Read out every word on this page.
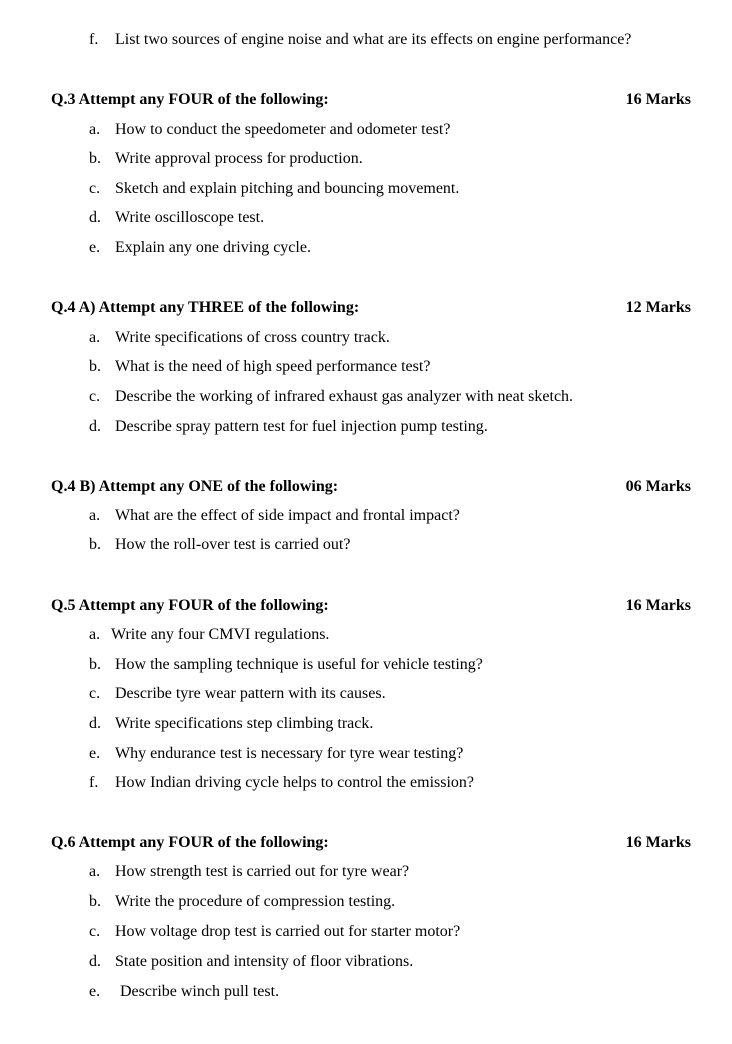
f. List two sources of engine noise and what are its effects on engine performance?
Q.3 Attempt any FOUR of the following:	16 Marks
a. How to conduct the speedometer and odometer test?
b. Write approval process for production.
c. Sketch and explain pitching and bouncing movement.
d. Write oscilloscope test.
e. Explain any one driving cycle.
Q.4 A) Attempt any THREE of the following:	12 Marks
a. Write specifications of cross country track.
b. What is the need of high speed performance test?
c. Describe the working of infrared exhaust gas analyzer with neat sketch.
d. Describe spray pattern test for fuel injection pump testing.
Q.4 B) Attempt any ONE of the following:	06 Marks
a. What are the effect of side impact and frontal impact?
b. How the roll-over test is carried out?
Q.5 Attempt any FOUR of the following:	16 Marks
a. Write any four CMVI regulations.
b. How the sampling technique is useful for vehicle testing?
c. Describe tyre wear pattern with its causes.
d. Write specifications step climbing track.
e. Why endurance test is necessary for tyre wear testing?
f. How Indian driving cycle helps to control the emission?
Q.6 Attempt any FOUR of the following:	16 Marks
a. How strength test is carried out for tyre wear?
b. Write the procedure of compression testing.
c. How voltage drop test is carried out for starter motor?
d. State position and intensity of floor vibrations.
e. Describe winch pull test.
